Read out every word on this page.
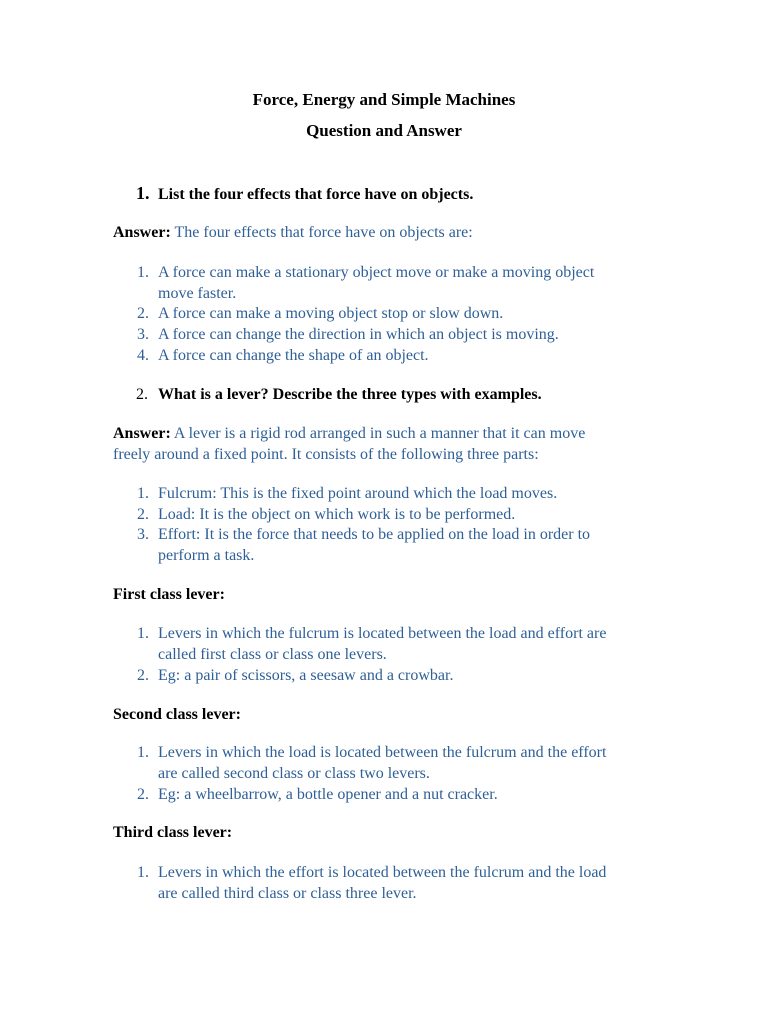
Force, Energy and Simple Machines
Question and Answer
1. List the four effects that force have on objects.
Answer: The four effects that force have on objects are:
1. A force can make a stationary object move or make a moving object
move faster.
2. A force can make a moving object stop or slow down.
3. A force can change the direction in which an object is moving.
4. A force can change the shape of an object.
2. What is a lever? Describe the three types with examples.
Answer: A lever is a rigid rod arranged in such a manner that it can move
freely around a fixed point. It consists of the following three parts:
1. Fulcrum: This is the fixed point around which the load moves.
2. Load: It is the object on which work is to be performed.
3. Effort: It is the force that needs to be applied on the load in order to
perform a task.
First class lever:
1. Levers in which the fulcrum is located between the load and effort are
called first class or class one levers.
2. Eg: a pair of scissors, a seesaw and a crowbar.
Second class lever:
1. Levers in which the load is located between the fulcrum and the effort
are called second class or class two levers.
2. Eg: a wheelbarrow, a bottle opener and a nut cracker.
Third class lever:
1. Levers in which the effort is located between the fulcrum and the load
are called third class or class three lever.
